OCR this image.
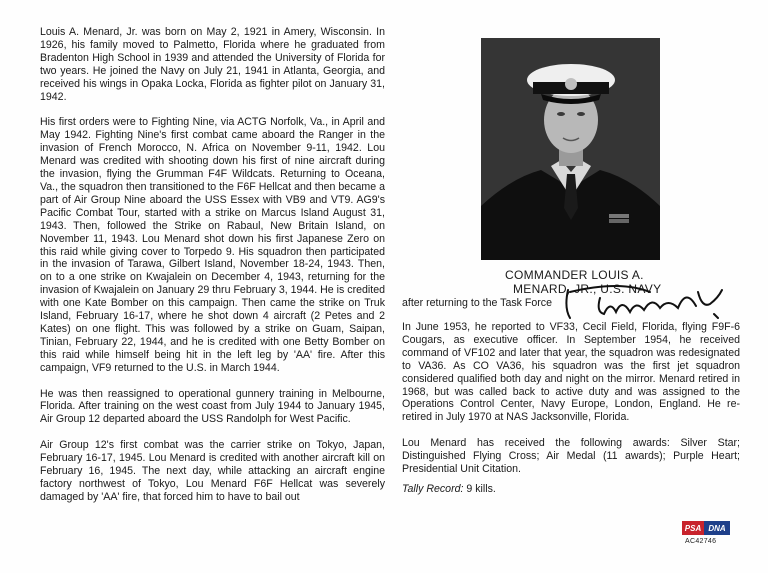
Louis A. Menard, Jr. was born on May 2, 1921 in Amery, Wisconsin. In 1926, his family moved to Palmetto, Florida where he graduated from Bradenton High School in 1939 and attended the University of Florida for two years. He joined the Navy on July 21, 1941 in Atlanta, Georgia, and received his wings in Opaka Locka, Florida as fighter pilot on January 31, 1942.

His first orders were to Fighting Nine, via ACTG Norfolk, Va., in April and May 1942. Fighting Nine's first combat came aboard the Ranger in the invasion of French Morocco, N. Africa on November 9-11, 1942. Lou Menard was credited with shooting down his first of nine aircraft during the invasion, flying the Grumman F4F Wildcats. Returning to Oceana, Va., the squadron then transitioned to the F6F Hellcat and then became a part of Air Group Nine aboard the USS Essex with VB9 and VT9. AG9's Pacific Combat Tour, started with a strike on Marcus Island August 31, 1943. Then, followed the Strike on Rabaul, New Britain Island, on November 11, 1943. Lou Menard shot down his first Japanese Zero on this raid while giving cover to Torpedo 9. His squadron then participated in the invasion of Tarawa, Gilbert Island, November 18-24, 1943. Then, on to a one strike on Kwajalein on December 4, 1943, returning for the invasion of Kwajalein on January 29 thru February 3, 1944. He is credited with one Kate Bomber on this campaign. Then came the strike on Truk Island, February 16-17, where he shot down 4 aircraft (2 Petes and 2 Kates) on one flight. This was followed by a strike on Guam, Saipan, Tinian, February 22, 1944, and he is credited with one Betty Bomber on this raid while himself being hit in the left leg by 'AA' fire. After this campaign, VF9 returned to the U.S. in March 1944.

He was then reassigned to operational gunnery training in Melbourne, Florida. After training on the west coast from July 1944 to January 1945, Air Group 12 departed aboard the USS Randolph for West Pacific.

Air Group 12's first combat was the carrier strike on Tokyo, Japan, February 16-17, 1945. Lou Menard is credited with another aircraft kill on February 16, 1945. The next day, while attacking an aircraft engine factory northwest of Tokyo, Lou Menard F6F Hellcat was severely damaged by 'AA' fire, that forced him to have to bail out

COMMANDER LOUIS A.
MENARD, JR., U.S. NAVY
after returning to the Task Force

In June 1953, he reported to VF33, Cecil Field, Florida, flying F9F-6 Cougars, as executive officer. In September 1954, he received command of VF102 and later that year, the squadron was redesignated to VA36. As CO VA36, his squadron was the first jet squadron considered qualified both day and night on the mirror. Menard retired in 1968, but was called back to active duty and was assigned to the Operations Control Center, Navy Europe, London, England. He re-retired in July 1970 at NAS Jacksonville, Florida.

Lou Menard has received the following awards: Silver Star; Distinguished Flying Cross; Air Medal (11 awards); Purple Heart; Presidential Unit Citation.

Tally Record: 9 kills.
PSA DNA
AC42746
